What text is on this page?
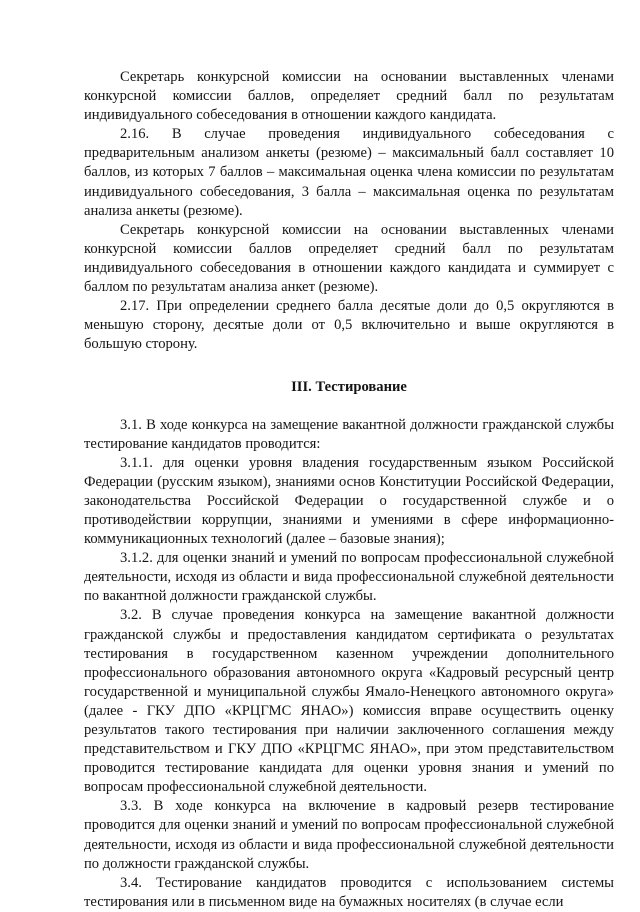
Секретарь конкурсной комиссии на основании выставленных членами конкурсной комиссии баллов, определяет средний балл по результатам индивидуального собеседования в отношении каждого кандидата.

2.16. В случае проведения индивидуального собеседования с предварительным анализом анкеты (резюме) – максимальный балл составляет 10 баллов, из которых 7 баллов – максимальная оценка члена комиссии по результатам индивидуального собеседования, 3 балла – максимальная оценка по результатам анализа анкеты (резюме).

Секретарь конкурсной комиссии на основании выставленных членами конкурсной комиссии баллов определяет средний балл по результатам индивидуального собеседования в отношении каждого кандидата и суммирует с баллом по результатам анализа анкет (резюме).

2.17. При определении среднего балла десятые доли до 0,5 округляются в меньшую сторону, десятые доли от 0,5 включительно и выше округляются в большую сторону.

III. Тестирование

3.1. В ходе конкурса на замещение вакантной должности гражданской службы тестирование кандидатов проводится:

3.1.1. для оценки уровня владения государственным языком Российской Федерации (русским языком), знаниями основ Конституции Российской Федерации, законодательства Российской Федерации о государственной службе и о противодействии коррупции, знаниями и умениями в сфере информационно-коммуникационных технологий (далее – базовые знания);

3.1.2. для оценки знаний и умений по вопросам профессиональной служебной деятельности, исходя из области и вида профессиональной служебной деятельности по вакантной должности гражданской службы.

3.2. В случае проведения конкурса на замещение вакантной должности гражданской службы и предоставления кандидатом сертификата о результатах тестирования в государственном казенном учреждении дополнительного профессионального образования автономного округа «Кадровый ресурсный центр государственной и муниципальной службы Ямало-Ненецкого автономного округа» (далее - ГКУ ДПО «КРЦГМС ЯНАО») комиссия вправе осуществить оценку результатов такого тестирования при наличии заключенного соглашения между представительством и ГКУ ДПО «КРЦГМС ЯНАО», при этом представительством проводится тестирование кандидата для оценки уровня знания и умений по вопросам профессиональной служебной деятельности.

3.3. В ходе конкурса на включение в кадровый резерв тестирование проводится для оценки знаний и умений по вопросам профессиональной служебной деятельности, исходя из области и вида профессиональной служебной деятельности по должности гражданской службы.

3.4. Тестирование кандидатов проводится с использованием системы тестирования или в письменном виде на бумажных носителях (в случае если
